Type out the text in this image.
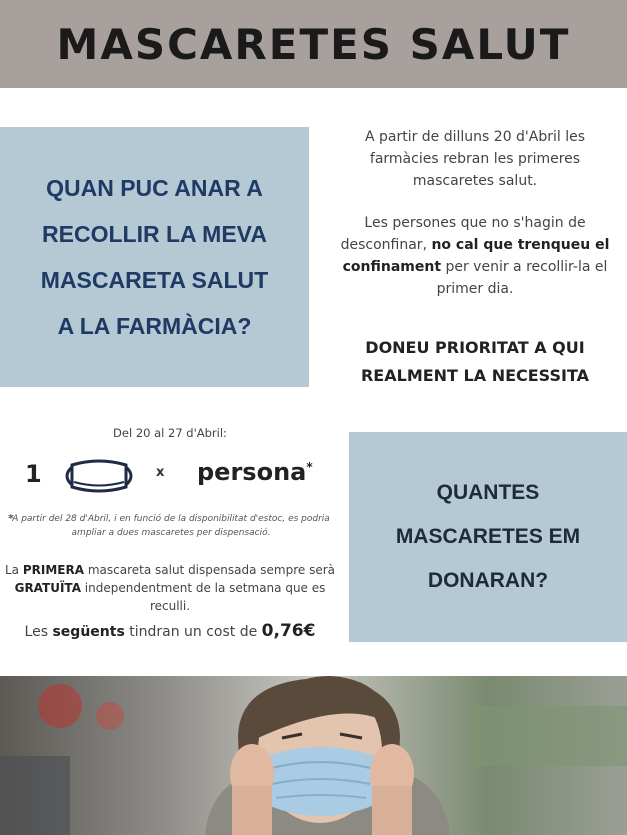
MASCARETES SALUT
QUAN PUC ANAR A
RECOLLIR LA MEVA
MASCARETA SALUT
A LA FARMÀCIA?

A partir de dilluns 20 d'Abril les farmàcies rebran les primeres mascaretes salut.

Les persones que no s'hagin de desconfinar, no cal que trenqueu el confinament per venir a recollir-la el primer dia.

DONEU PRIORITAT A QUI
REALMENT LA NECESSITA
Del 20 al 27 d'Abril:
1	x persona*
*
A partir del 28 d'Abril, i en funció de la disponibilitat d'estoc, es podria ampliar a dues mascaretes per dispensació.
La PRIMERA mascareta salut dispensada sempre serà GRATUÏTA independentment de la setmana que es reculli.
Les següents tindran un cost de 0,76€
QUANTES
MASCARETES EM
DONARAN?
